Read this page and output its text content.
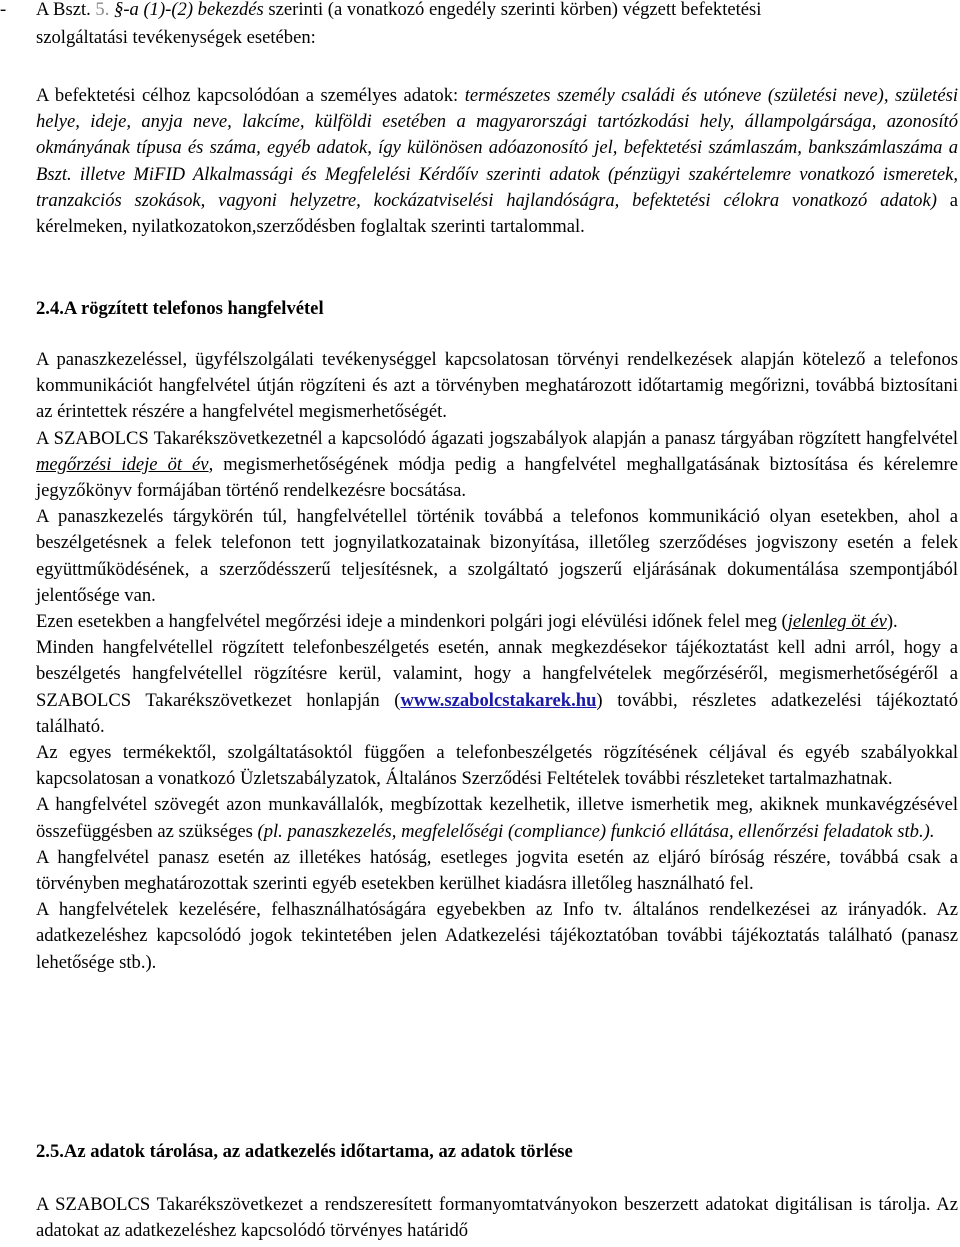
- A Bszt. 5. §-a (1)-(2) bekezdés szerinti (a vonatkozó engedély szerinti körben) végzett befektetési
szolgáltatási tevékenységek esetében:
A befektetési célhoz kapcsolódóan a személyes adatok: természetes személy családi és utóneve (születési neve), születési helye, ideje, anyja neve, lakcíme, külföldi esetében a magyarországi tartózkodási hely, állampolgársága, azonosító okmányának típusa és száma, egyéb adatok, így különösen adóazonosító jel, befektetési számlaszám, bankszámlaszáma a Bszt. illetve MiFID Alkalmassági és Megfelelési Kérdőív szerinti adatok (pénzügyi szakértelemre vonatkozó ismeretek, tranzakciós szokások, vagyoni helyzetre, kockázatviselési hajlandóságra, befektetési célokra vonatkozó adatok) a kérelmeken, nyilatkozatokon,szerződésben foglaltak szerinti tartalommal.
2.4.A rögzített telefonos hangfelvétel

A panaszkezeléssel, ügyfélszolgálati tevékenységgel kapcsolatosan törvényi rendelkezések alapján kötelező a telefonos kommunikációt hangfelvétel útján rögzíteni és azt a törvényben meghatározott időtartamig megőrizni, továbbá biztosítani az érintettek részére a hangfelvétel megismerhetőségét.

A SZABOLCS Takarékszövetkezetnél a kapcsolódó ágazati jogszabályok alapján a panasz tárgyában rögzített hangfelvétel megőrzési ideje öt év, megismerhetőségének módja pedig a hangfelvétel meghallgatásának biztosítása és kérelemre jegyzőkönyv formájában történő rendelkezésre bocsátása.

A panaszkezelés tárgykörén túl, hangfelvétellel történik továbbá a telefonos kommunikáció olyan esetekben, ahol a beszélgetésnek a felek telefonon tett jognyilatkozatainak bizonyítása, illetőleg szerződéses jogviszony esetén a felek együttműködésének, a szerződésszerű teljesítésnek, a szolgáltató jogszerű eljárásának dokumentálása szempontjából jelentősége van.

Ezen esetekben a hangfelvétel megőrzési ideje a mindenkori polgári jogi elévülési időnek felel meg (jelenleg öt év).

Minden hangfelvétellel rögzített telefonbeszélgetés esetén, annak megkezdésekor tájékoztatást kell adni arról, hogy a beszélgetés hangfelvétellel rögzítésre kerül, valamint, hogy a hangfelvételek megőrzéséről, megismerhetőségéről a SZABOLCS Takarékszövetkezet honlapján (www.szabolcstakarek.hu) további, részletes adatkezelési tájékoztató található.

Az egyes termékektől, szolgáltatásoktól függően a telefonbeszélgetés rögzítésének céljával és egyéb szabályokkal kapcsolatosan a vonatkozó Üzletszabályzatok, Általános Szerződési Feltételek további részleteket tartalmazhatnak.

A hangfelvétel szövegét azon munkavállalók, megbízottak kezelhetik, illetve ismerhetik meg, akiknek munkavégzésével összefüggésben az szükséges (pl. panaszkezelés, megfelelőségi (compliance) funkció ellátása, ellenőrzési feladatok stb.).

A hangfelvétel panasz esetén az illetékes hatóság, esetleges jogvita esetén az eljáró bíróság részére, továbbá csak a törvényben meghatározottak szerinti egyéb esetekben kerülhet kiadásra illetőleg használható fel.

A hangfelvételek kezelésére, felhasználhatóságára egyebekben az Info tv. általános rendelkezései az irányadók. Az adatkezeléshez kapcsolódó jogok tekintetében jelen Adatkezelési tájékoztatóban további tájékoztatás található (panasz lehetősége stb.).

2.5.Az adatok tárolása, az adatkezelés időtartama, az adatok törlése
A SZABOLCS Takarékszövetkezet a rendszeresített formanyomtatványokon beszerzett adatokat digitálisan is tárolja. Az adatokat az adatkezeléshez kapcsolódó törvényes határidő
